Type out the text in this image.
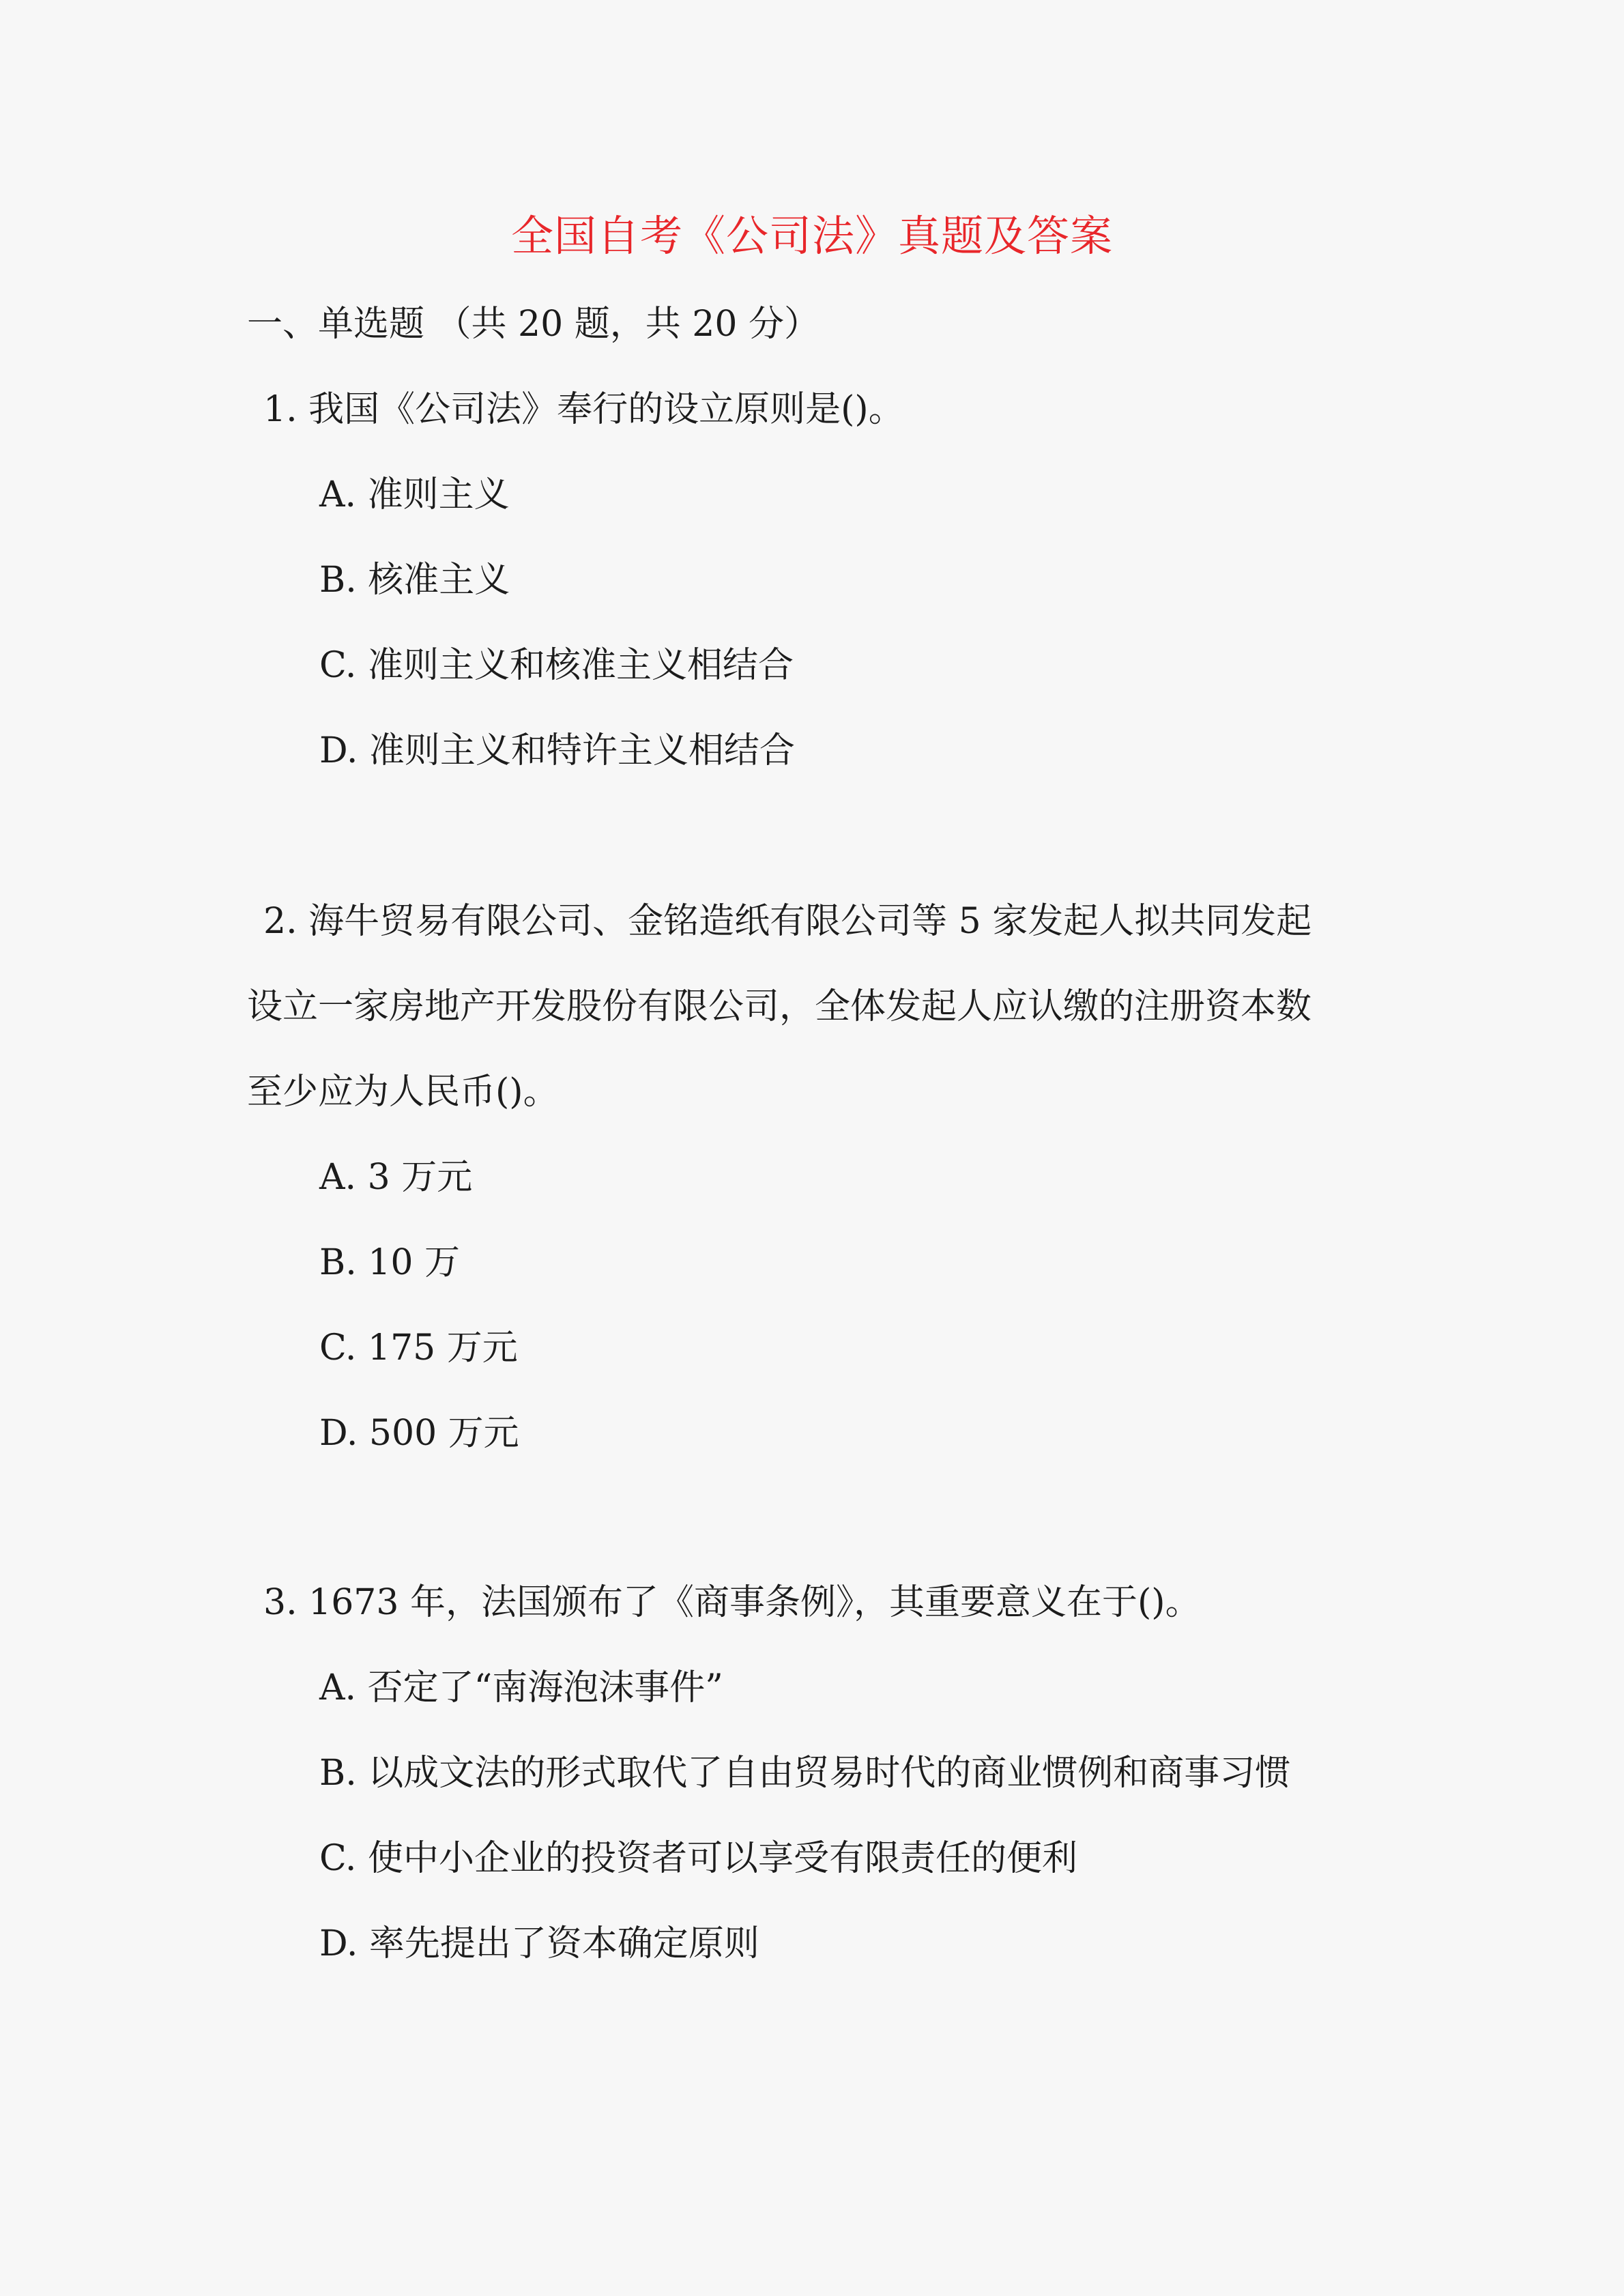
全国自考《公司法》真题及答案
一、单选题 （共 20 题，共 20 分）
1. 我国《公司法》奉行的设立原则是()。
A. 准则主义
B. 核准主义
C. 准则主义和核准主义相结合
D. 准则主义和特许主义相结合
2. 海牛贸易有限公司、金铭造纸有限公司等 5 家发起人拟共同发起
设立一家房地产开发股份有限公司，全体发起人应认缴的注册资本数
至少应为人民币()。
A. 3 万元
B. 10 万
C. 175 万元
D. 500 万元
3. 1673 年，法国颁布了《商事条例》，其重要意义在于()。
A. 否定了“南海泡沫事件”
B. 以成文法的形式取代了自由贸易时代的商业惯例和商事习惯
C. 使中小企业的投资者可以享受有限责任的便利
D. 率先提出了资本确定原则
